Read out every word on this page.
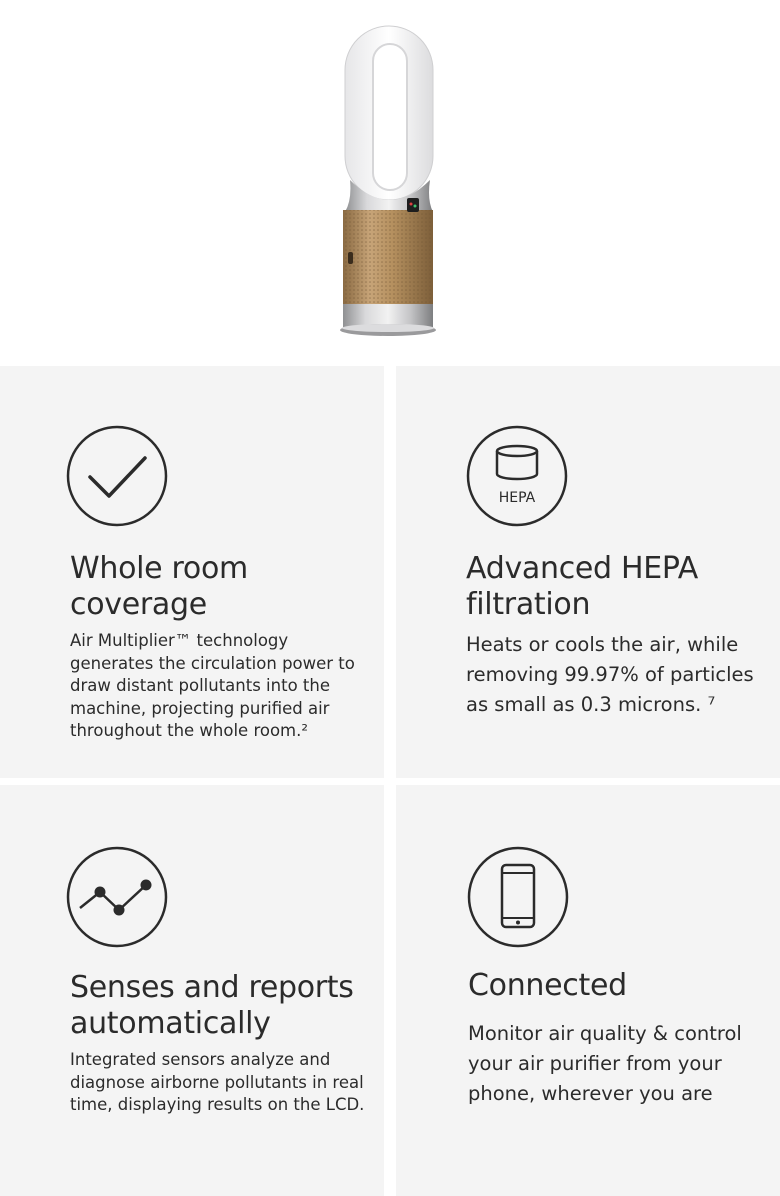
Whole room coverage

Air Multiplier™ technology generates the circulation power to draw distant pollutants into the machine, projecting purified air throughout the whole room.²

HEPA
Advanced HEPA filtration

Heats or cools the air, while removing 99.97% of particles as small as 0.3 microns. ⁷

Senses and reports automatically

Integrated sensors analyze and diagnose airborne pollutants in real time, displaying results on the LCD.

Connected

Monitor air quality & control your air purifier from your phone, wherever you are
